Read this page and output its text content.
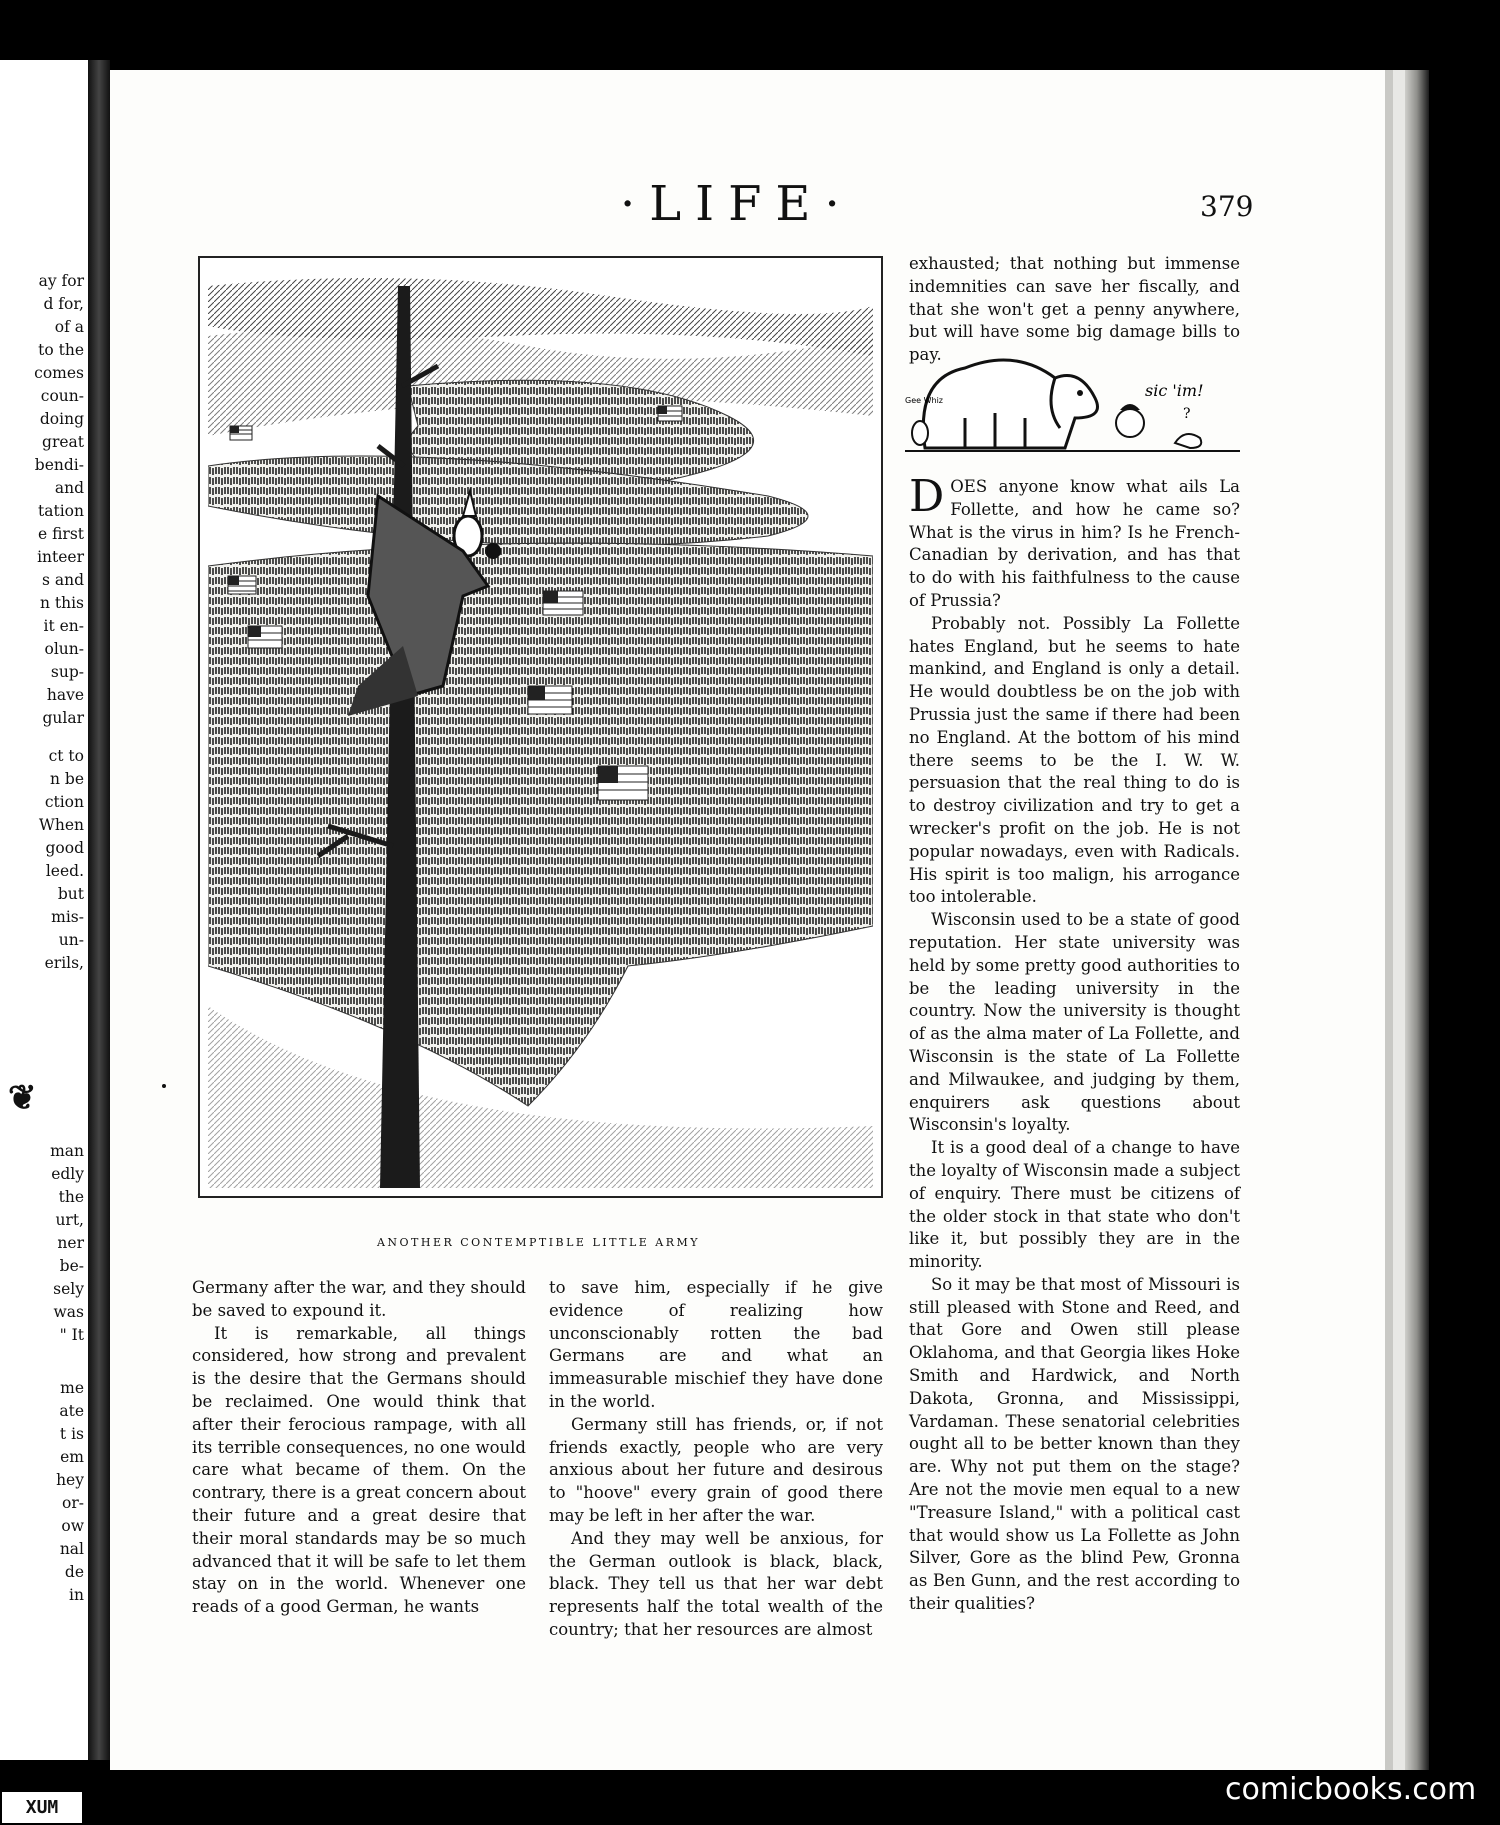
ay for
d for,
of a
to the
comes
coun-
doing
great
bendi-
and
tation
e first
inteer
s and
n this
it en-
olun-
sup-
have
gular
ct to
n be
ction
When
good
leed.
but
mis-
un-
erils,
man
edly
the
urt,
ner
be-
sely
was
" It
me
ate
t is
em
hey
or-
ow
nal
de
in
❦
·LIFE·	379
ANOTHER CONTEMPTIBLE LITTLE ARMY

Germany after the war, and they should be saved to expound it.

It is remarkable, all things considered, how strong and prevalent is the desire that the Germans should be reclaimed. One would think that after their ferocious rampage, with all its terrible consequences, no one would care what became of them. On the contrary, there is a great concern about their future and a great desire that their moral standards may be so much advanced that it will be safe to let them stay on in the world. Whenever one reads of a good German, he wants

to save him, especially if he give evidence of realizing how unconscionably rotten the bad Germans are and what an immeasurable mischief they have done in the world.

Germany still has friends, or, if not friends exactly, people who are very anxious about her future and desirous to "hoove" every grain of good there may be left in her after the war.

And they may well be anxious, for the German outlook is black, black, black. They tell us that her war debt represents half the total wealth of the country; that her resources are almost

exhausted; that nothing but immense indemnities can save her fiscally, and that she won't get a penny anywhere, but will have some big damage bills to pay.

sic 'im!
Gee Whiz
?

DOES anyone know what ails La Follette, and how he came so? What is the virus in him? Is he French-Canadian by derivation, and has that to do with his faithfulness to the cause of Prussia?

Probably not. Possibly La Follette hates England, but he seems to hate mankind, and England is only a detail. He would doubtless be on the job with Prussia just the same if there had been no England. At the bottom of his mind there seems to be the I. W. W. persuasion that the real thing to do is to destroy civilization and try to get a wrecker's profit on the job. He is not popular nowadays, even with Radicals. His spirit is too malign, his arrogance too intolerable.

Wisconsin used to be a state of good reputation. Her state university was held by some pretty good authorities to be the leading university in the country. Now the university is thought of as the alma mater of La Follette, and Wisconsin is the state of La Follette and Milwaukee, and judging by them, enquirers ask questions about Wisconsin's loyalty.

It is a good deal of a change to have the loyalty of Wisconsin made a subject of enquiry. There must be citizens of the older stock in that state who don't like it, but possibly they are in the minority.

So it may be that most of Missouri is still pleased with Stone and Reed, and that Gore and Owen still please Oklahoma, and that Georgia likes Hoke Smith and Hardwick, and North Dakota, Gronna, and Mississippi, Vardaman. These senatorial celebrities ought all to be better known than they are. Why not put them on the stage? Are not the movie men equal to a new "Treasure Island," with a political cast that would show us La Follette as John Silver, Gore as the blind Pew, Gronna as Ben Gunn, and the rest according to their qualities?

XUM
comicbooks.com
